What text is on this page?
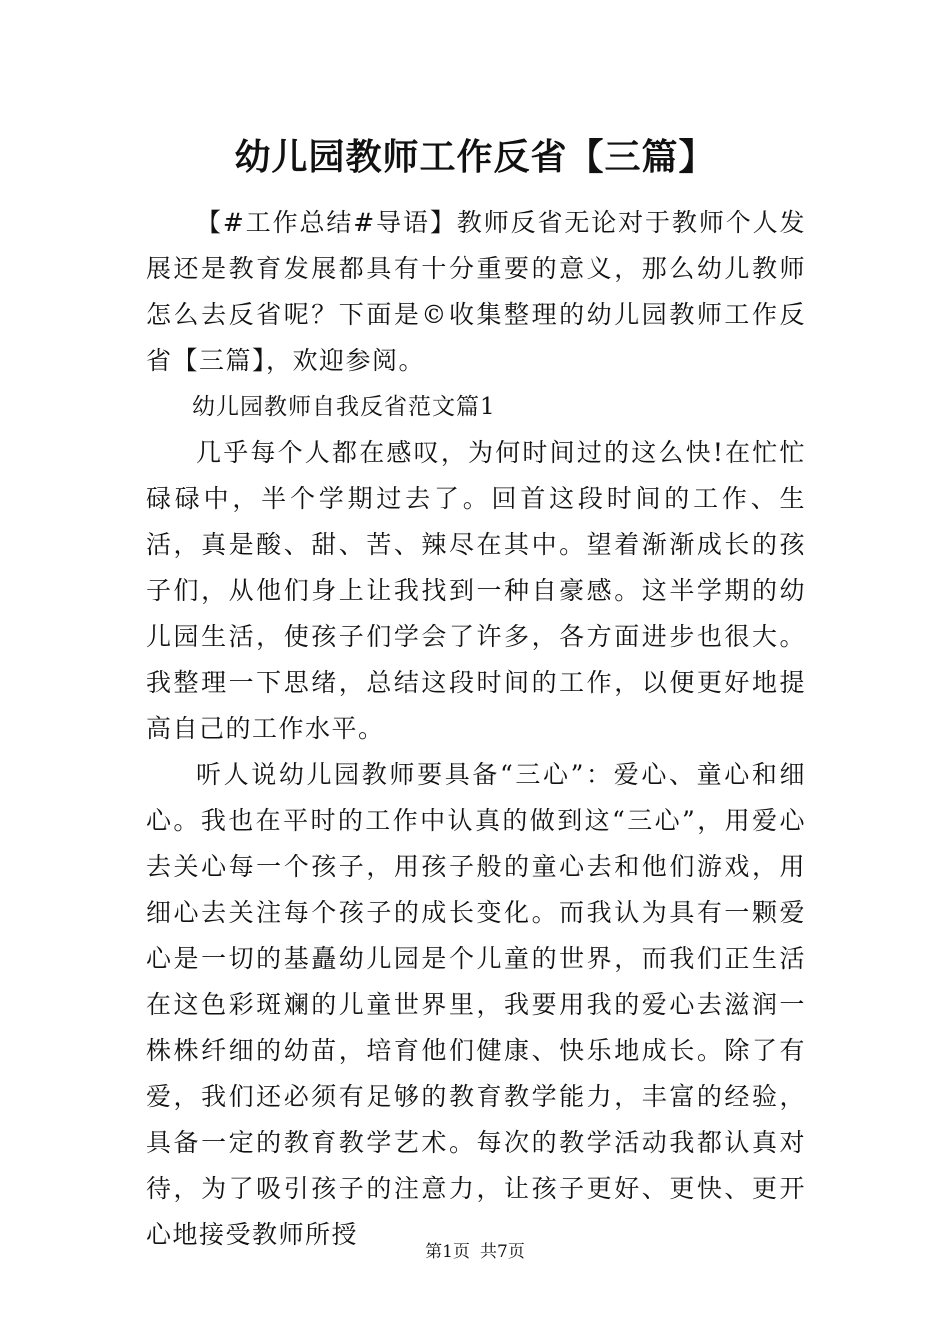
幼儿园教师工作反省【三篇】

【#工作总结#导语】教师反省无论对于教师个人发展还是教育发展都具有十分重要的意义，那么幼儿教师怎么去反省呢？下面是©收集整理的幼儿园教师工作反省【三篇】，欢迎参阅。

幼儿园教师自我反省范文篇1

几乎每个人都在感叹，为何时间过的这么快!在忙忙碌碌中，半个学期过去了。回首这段时间的工作、生活，真是酸、甜、苦、辣尽在其中。望着渐渐成长的孩子们，从他们身上让我找到一种自豪感。这半学期的幼儿园生活，使孩子们学会了许多，各方面进步也很大。我整理一下思绪，总结这段时间的工作，以便更好地提高自己的工作水平。

听人说幼儿园教师要具备“三心”：爱心、童心和细心。我也在平时的工作中认真的做到这“三心”，用爱心去关心每一个孩子，用孩子般的童心去和他们游戏，用细心去关注每个孩子的成长变化。而我认为具有一颗爱心是一切的基矗幼儿园是个儿童的世界，而我们正生活在这色彩斑斓的儿童世界里，我要用我的爱心去滋润一株株纤细的幼苗，培育他们健康、快乐地成长。除了有爱，我们还必须有足够的教育教学能力，丰富的经验，具备一定的教育教学艺术。每次的教学活动我都认真对待，为了吸引孩子的注意力，让孩子更好、更快、更开心地接受教师所授

第1页 共7页
